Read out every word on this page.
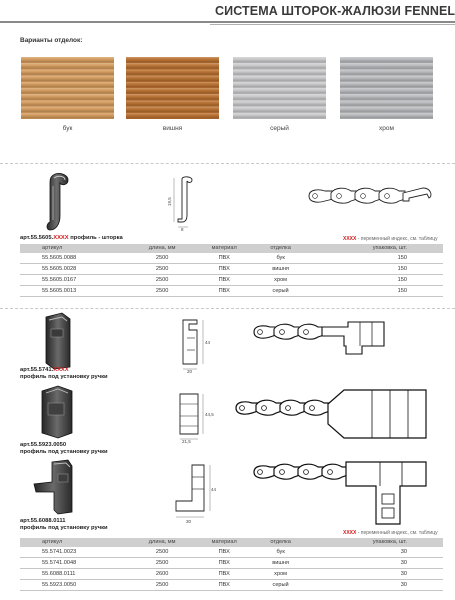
СИСТЕМА ШТОРОК-ЖАЛЮЗИ FENNEL
Варианты отделок:
бук	вишня	серый	хром
19,5
8
арт.55.5605.XXXX профиль - шторка	XXXX - переменный индекс, см. таблицу
артикул	длина, мм	материал	отделка	упаковка, шт.
55.5605.0088	2500	ПВХ	бук	150
55.5605.0028	2500	ПВХ	вишня	150
55.5605.0167	2500	ПВХ	хром	150
55.5605.0013	2500	ПВХ	серый	150
44
20
арт.55.5741.XXXX
профиль под установку ручки
44,5
21,5
арт.55.5923.0050
профиль под установку ручки
44
30
арт.55.6088.0111
профиль под установку ручки
XXXX - переменный индекс, см. таблицу
артикул	длина, мм	материал	отделка	упаковка, шт.
55.5741.0023	2500	ПВХ	бук	30
55.5741.0048	2500	ПВХ	вишня	30
55.6088.0111	2600	ПВХ	хром	30
55.5923.0050	2500	ПВХ	серый	30
